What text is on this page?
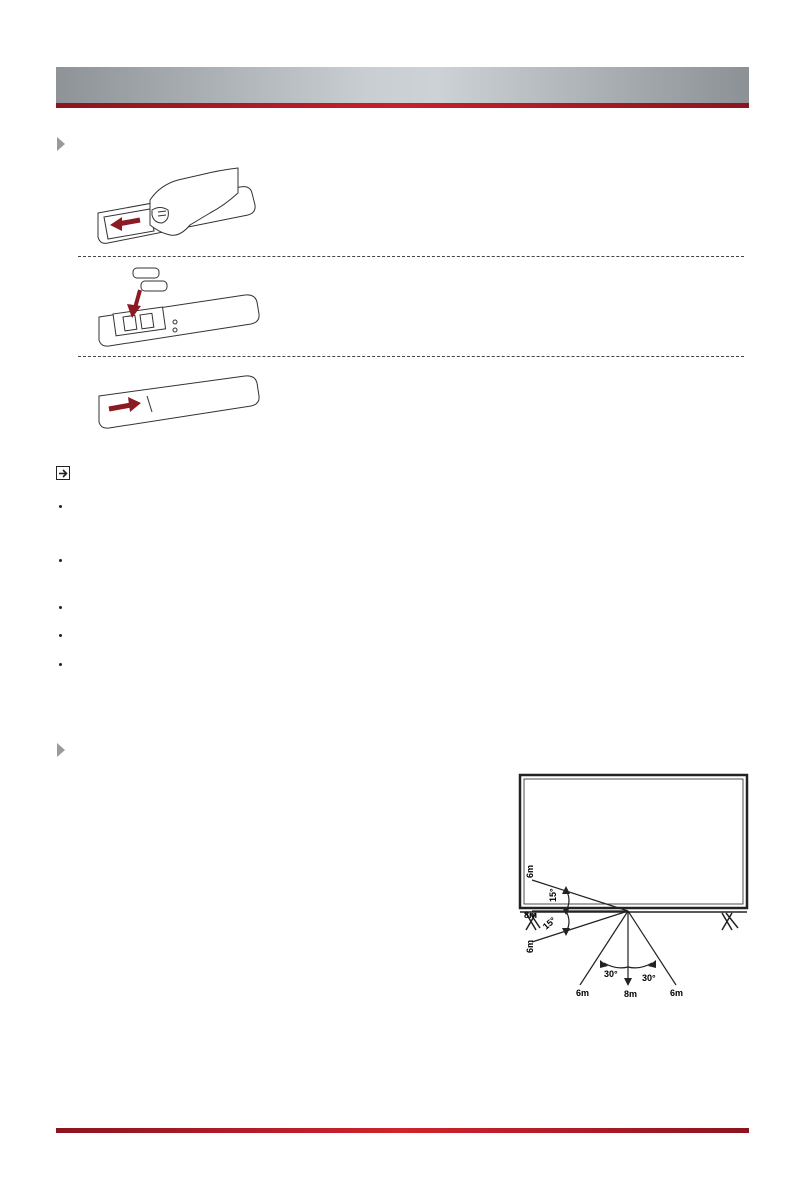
6m
15°
8m
15°
6m
30°	30°
6m	8m	6m
